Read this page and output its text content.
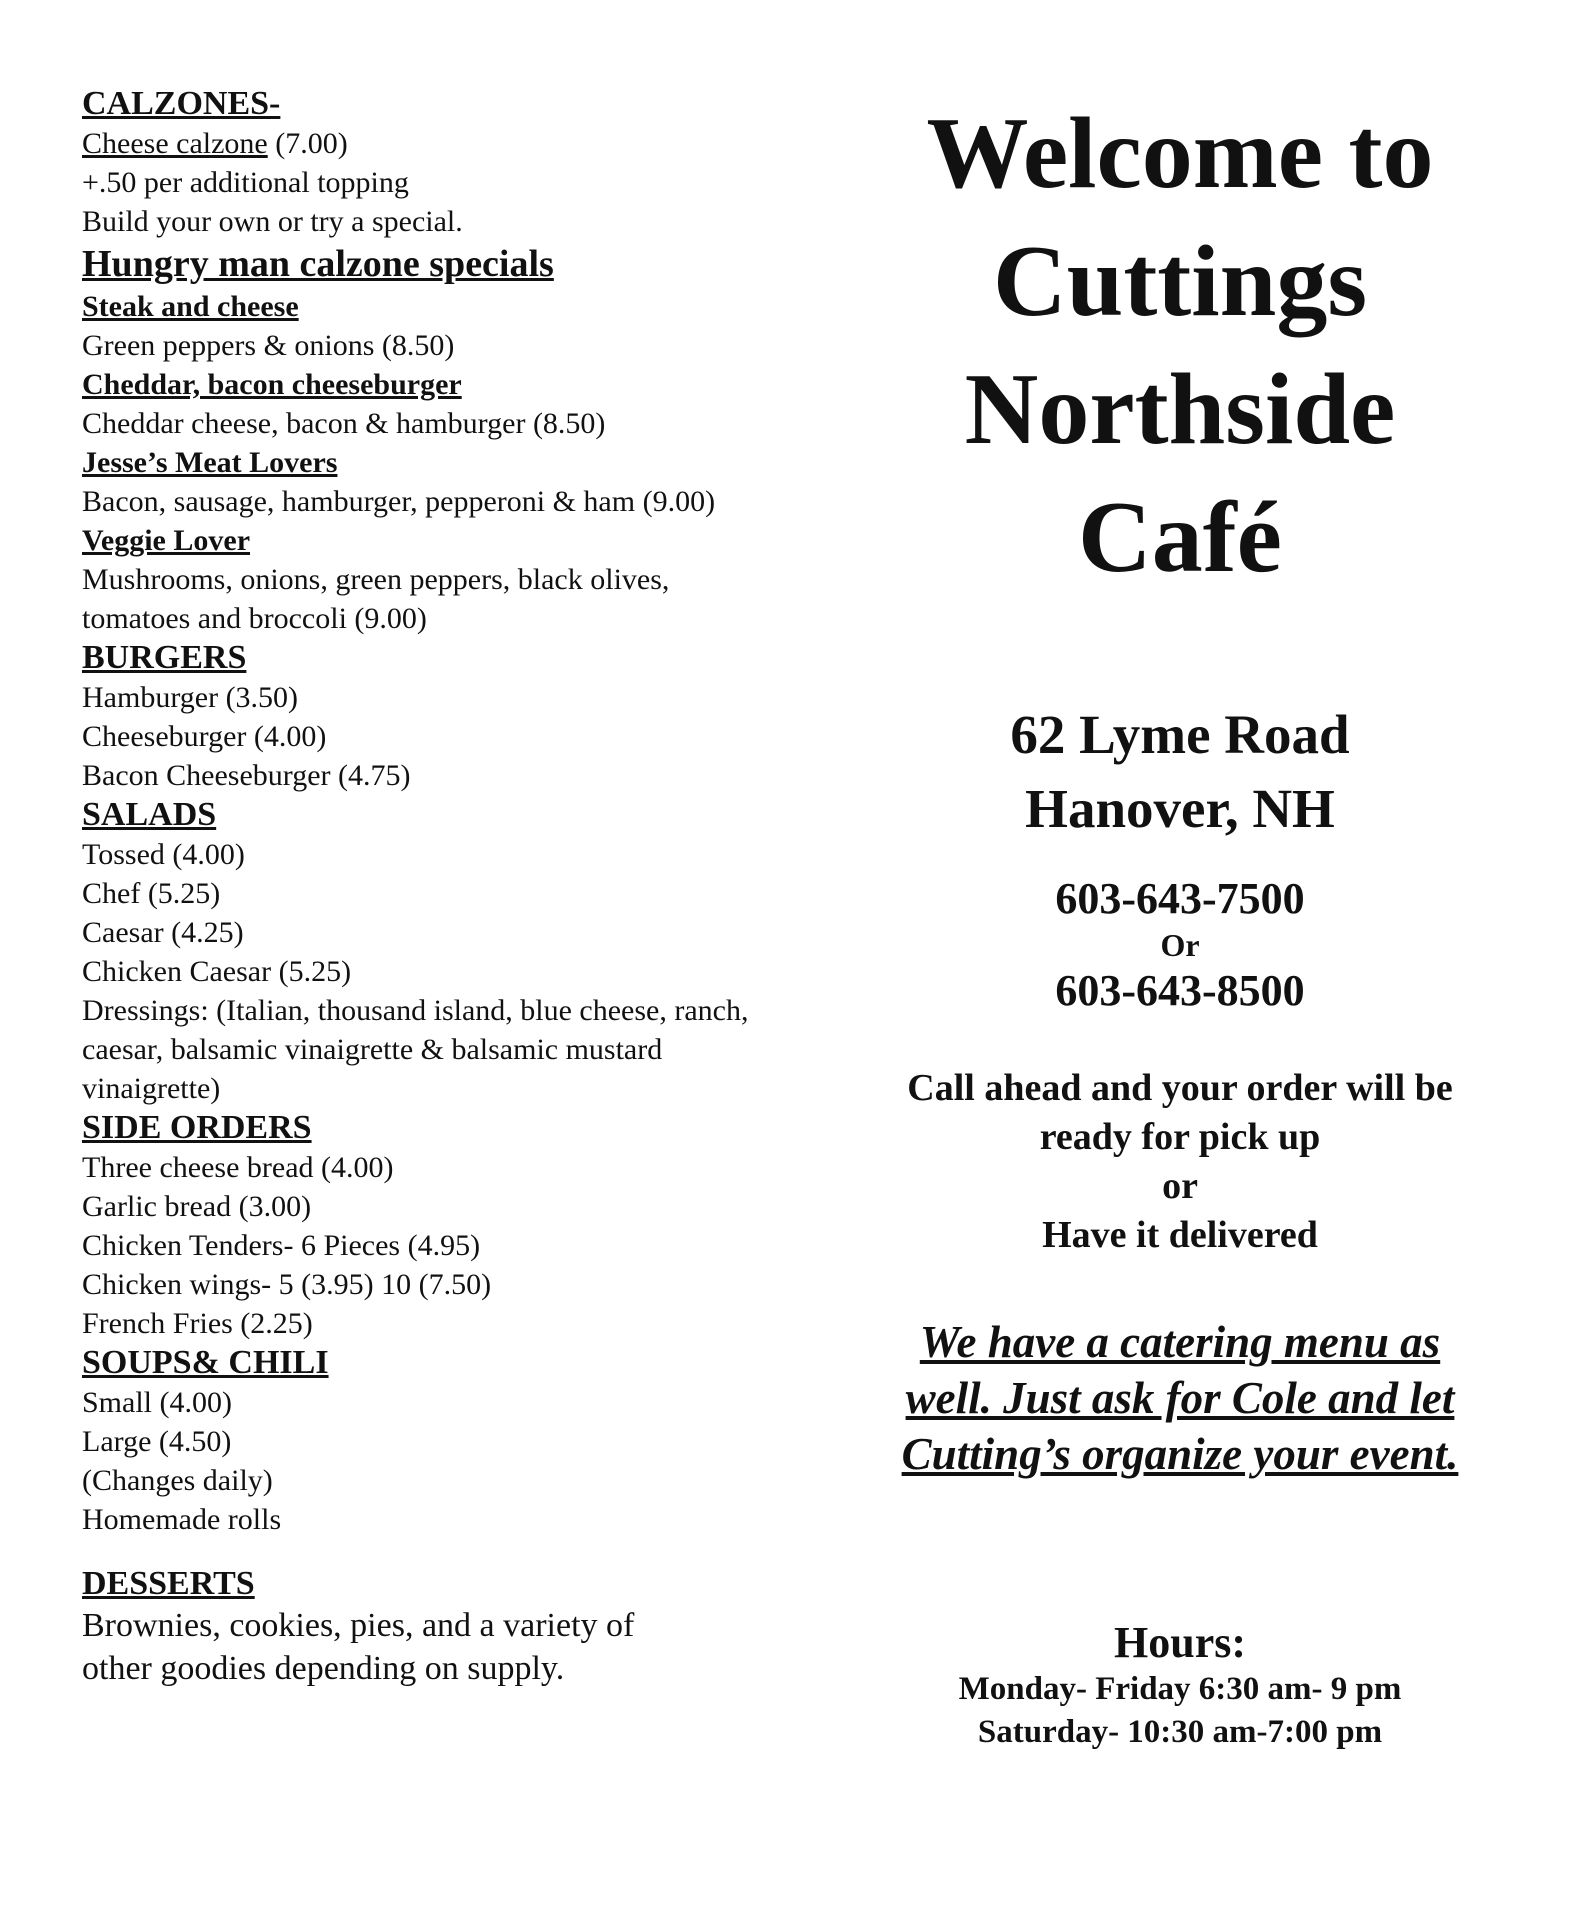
CALZONES-
Cheese calzone (7.00)
+.50 per additional topping
Build your own or try a special.
Hungry man calzone specials
Steak and cheese
Green peppers & onions (8.50)
Cheddar, bacon cheeseburger
Cheddar cheese, bacon & hamburger (8.50)
Jesse’s Meat Lovers
Bacon, sausage, hamburger, pepperoni & ham (9.00)
Veggie Lover
Mushrooms, onions, green peppers, black olives, tomatoes and broccoli (9.00)
BURGERS
Hamburger (3.50)
Cheeseburger (4.00)
Bacon Cheeseburger (4.75)
SALADS
Tossed (4.00)
Chef (5.25)
Caesar (4.25)
Chicken Caesar (5.25)
Dressings: (Italian, thousand island, blue cheese, ranch, caesar, balsamic vinaigrette & balsamic mustard vinaigrette)
SIDE ORDERS
Three cheese bread (4.00)
Garlic bread (3.00)
Chicken Tenders- 6 Pieces (4.95)
Chicken wings- 5 (3.95) 10 (7.50)
French Fries (2.25)
SOUPS& CHILI
Small (4.00)
Large (4.50)
(Changes daily)
Homemade rolls
DESSERTS
Brownies, cookies, pies, and a variety of other goodies depending on supply.
Welcome to
Cuttings
Northside
Café
62 Lyme Road
Hanover, NH
603-643-7500
Or
603-643-8500
Call ahead and your order will be
ready for pick up
or
Have it delivered
We have a catering menu as
well. Just ask for Cole and let
Cutting’s organize your event.
Hours:
Monday- Friday 6:30 am- 9 pm
Saturday- 10:30 am-7:00 pm
